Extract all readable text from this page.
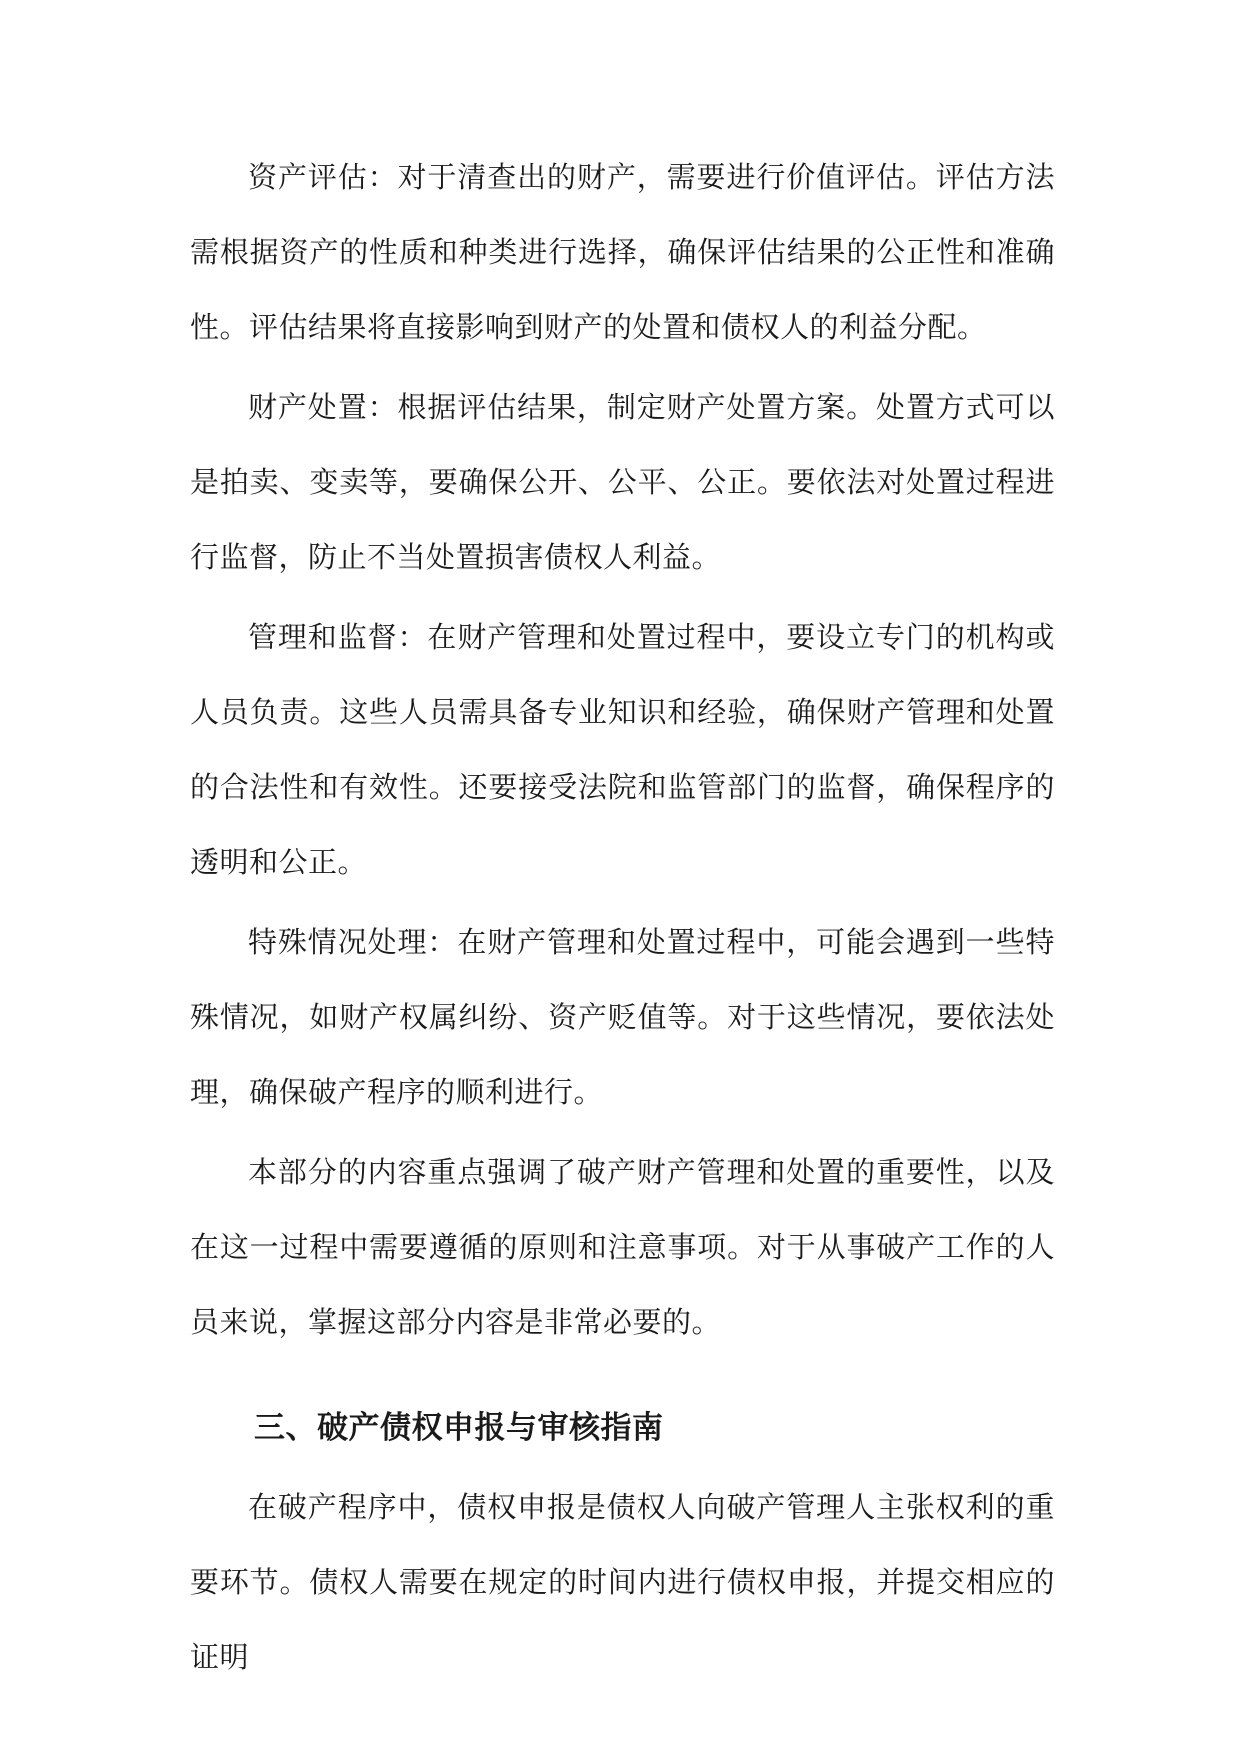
资产评估：对于清查出的财产，需要进行价值评估。评估方法需根据资产的性质和种类进行选择，确保评估结果的公正性和准确性。评估结果将直接影响到财产的处置和债权人的利益分配。

财产处置：根据评估结果，制定财产处置方案。处置方式可以是拍卖、变卖等，要确保公开、公平、公正。要依法对处置过程进行监督，防止不当处置损害债权人利益。

管理和监督：在财产管理和处置过程中，要设立专门的机构或人员负责。这些人员需具备专业知识和经验，确保财产管理和处置的合法性和有效性。还要接受法院和监管部门的监督，确保程序的透明和公正。

特殊情况处理：在财产管理和处置过程中，可能会遇到一些特殊情况，如财产权属纠纷、资产贬值等。对于这些情况，要依法处理，确保破产程序的顺利进行。

本部分的内容重点强调了破产财产管理和处置的重要性，以及在这一过程中需要遵循的原则和注意事项。对于从事破产工作的人员来说，掌握这部分内容是非常必要的。

三、破产债权申报与审核指南

在破产程序中，债权申报是债权人向破产管理人主张权利的重要环节。债权人需要在规定的时间内进行债权申报，并提交相应的证明
